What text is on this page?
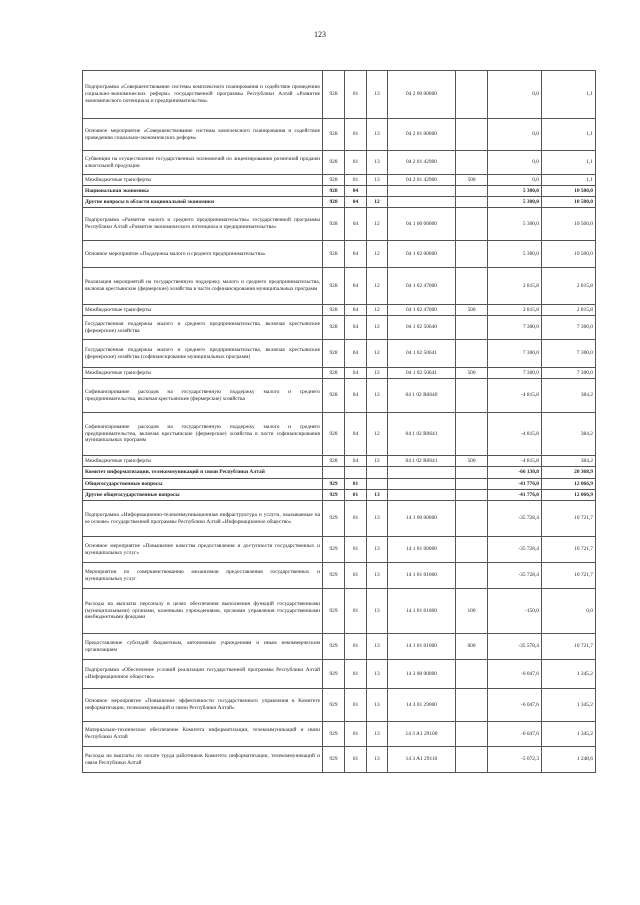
123
Подпрограмма «Совершенствование системы комплексного планирования и содействие проведению социально-экономических реформ» государственной программы Республики Алтай «Развитие экономического потенциала и предпринимательства»	928	01	13	04 2 00 00000		0,0	1,1
Основное мероприятие «Совершенствование системы комплексного планирования и содействие проведению социально-экономических реформ»	928	01	13	04 2 01 00000		0,0	1,1
Субвенции на осуществление государственных полномочий по лицензированию розничной продажи алкогольной продукции	928	01	13	04 2 01 42900		0,0	1,1
Межбюджетные трансферты	928	01	13	04 2 01 42900	500	0,0	1,1
Национальная экономика	928	04				5 300,0	10 500,0
Другие вопросы в области национальной экономики	928	04	12			5 300,0	10 500,0
Подпрограмма «Развитие малого и среднего предпринимательства» государственной программы Республики Алтай «Развитие экономического потенциала и предпринимательства»	928	04	12	04 1 00 00000		5 300,0	10 500,0
Основное мероприятие «Поддержка малого и среднего предпринимательства»	928	04	12	04 1 02 00000		5 300,0	10 500,0
Реализация мероприятий на государственную поддержку малого и среднего предпринимательства, включая крестьянские (фермерские) хозяйства в части софинансирования муниципальных программ	928	04	12	04 1 02 47000		2 815,8	2 815,8
Межбюджетные трансферты	928	04	12	04 1 02 47000	500	2 815,8	2 815,8
Государственная поддержка малого и среднего предпринимательства, включая крестьянские (фермерские) хозяйства	928	04	12	04 1 02 50640		7 300,0	7 300,0
Государственная поддержка малого и среднего предпринимательства, включая крестьянские (фермерские) хозяйства (софинансирование муниципальных программ)	928	04	12	04 1 02 50641		7 300,0	7 300,0
Межбюджетные трансферты	928	04	12	04 1 02 50641	500	7 300,0	7 300,0
Софинансирование расходов на государственную поддержку малого и среднего предпринимательства, включая крестьянские (фермерские) хозяйства	928	04	12	04 1 02 R0640		-4 815,8	384,2
Софинансирование расходов на государственную поддержку малого и среднего предпринимательства, включая крестьянские (фермерские) хозяйства в части софинансирования муниципальных программ	928	04	12	04 1 02 R0641		-4 815,8	384,2
Межбюджетные трансферты	928	04	12	04 1 02 R0641	500	-4 815,8	384,2
Комитет информатизации, телекоммуникаций и связи Республики Алтай						-66 130,8	20 368,9
Общегосударственные вопросы	929	01				-41 776,0	12 066,9
Другие общегосударственные вопросы	929	01	13			-41 776,0	12 066,9
Подпрограмма «Информационно-телекоммуникационная инфраструктура и услуги, оказываемые на ее основе» государственной программы Республики Алтай «Информационное общество»	929	01	13	14 1 00 00000		-35 728,4	10 721,7
Основное мероприятие «Повышение качества предоставления и доступности государственных и муниципальных услуг»	929	01	13	14 1 01 00000		-35 728,4	10 721,7
Мероприятия по совершенствованию механизмов предоставления государственных и муниципальных услуг	929	01	13	14 1 01 01000		-35 728,4	10 721,7
Расходы на выплаты персоналу в целях обеспечения выполнения функций государственными (муниципальными) органами, казенными учреждениями, органами управления государственными внебюджетными фондами	929	01	13	14 1 01 01000	100	-150,0	0,0
Предоставление субсидий бюджетным, автономным учреждениям и иным некоммерческим организациям	929	01	13	14 1 01 01000	600	-35 578,4	10 721,7
Подпрограмма «Обеспечение условий реализации государственной программы Республики Алтай «Информационное общество»	929	01	13	14 3 00 00000		-6 047,6	1 345,2
Основное мероприятие «Повышение эффективности государственного управления в Комитете информатизации, телекоммуникаций и связи Республики Алтай»	929	01	13	14 3 01 29000		-6 047,6	1 345,2
Материально-техническое обеспечение Комитета информатизации, телекоммуникаций и связи Республики Алтай	929	01	13	14 3 A1 29100		-6 047,6	1 345,2
Расходы на выплаты по оплате труда работников Комитета информатизации, телекоммуникаций и связи Республики Алтай	929	01	13	14 3 A1 29110		-5 072,3	1 248,6
